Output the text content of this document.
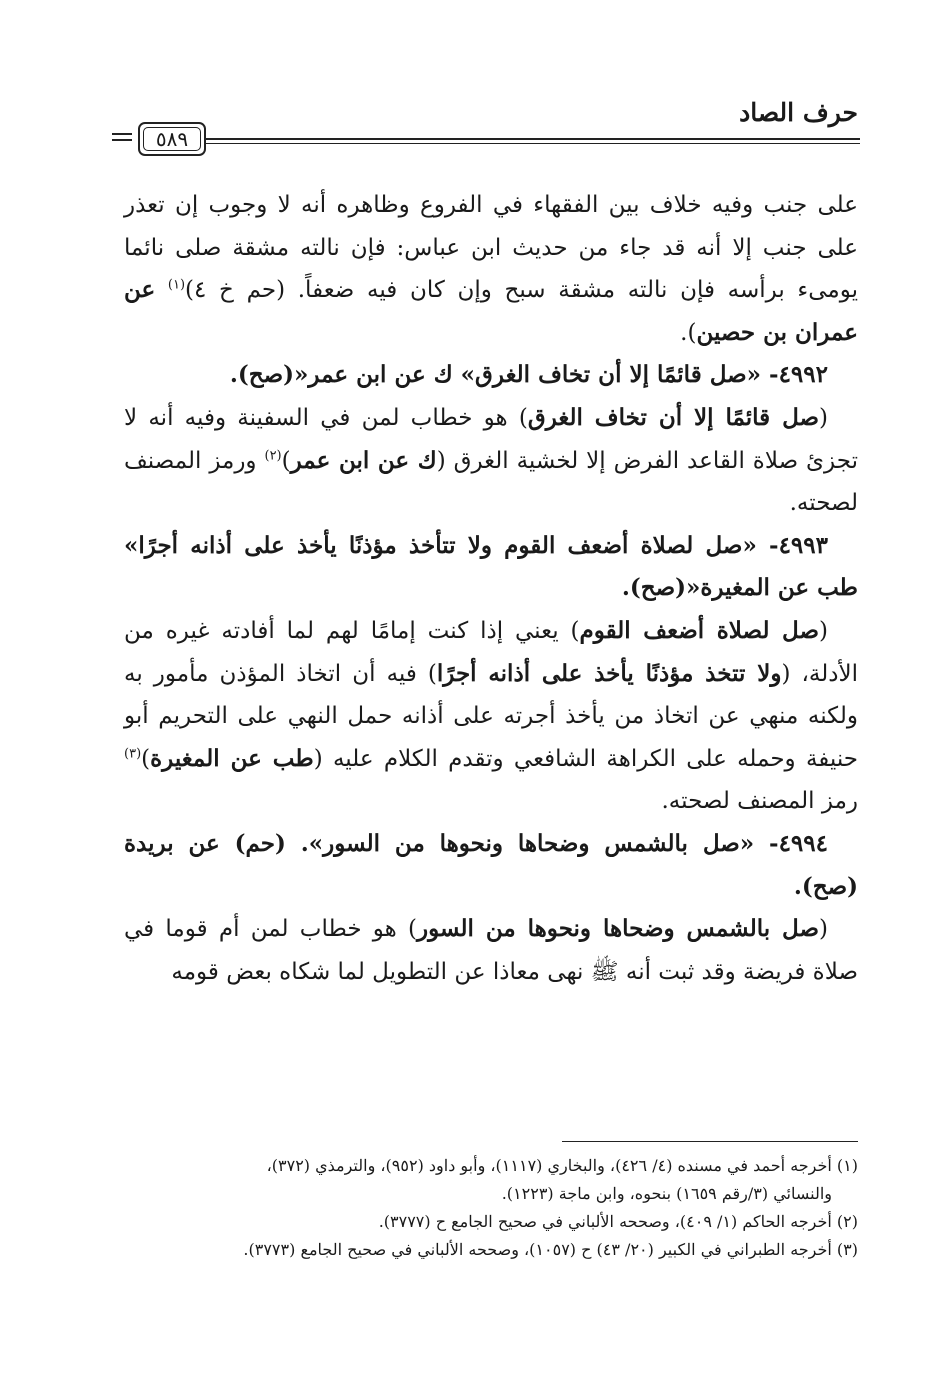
حرف الصاد
٥٨٩

على جنب وفيه خلاف بين الفقهاء في الفروع وظاهره أنه لا وجوب إن تعذر على جنب إلا أنه قد جاء من حديث ابن عباس: فإن نالته مشقة صلى نائما يومىء برأسه فإن نالته مشقة سبح وإن كان فيه ضعفاً. (حم خ ٤)$^{(١)}$ عن عمران بن حصين).

٤٩٩٢- «صل قائمًا إلا أن تخاف الغرق» ك عن ابن عمر«(صح).

(صل قائمًا إلا أن تخاف الغرق) هو خطاب لمن في السفينة وفيه أنه لا تجزئ صلاة القاعد الفرض إلا لخشية الغرق (ك عن ابن عمر)$^{(٢)}$ ورمز المصنف لصحته.

٤٩٩٣- «صل لصلاة أضعف القوم ولا تتأخذ مؤذنًا يأخذ على أذانه أجرًا» طب عن المغيرة«(صح).

(صل لصلاة أضعف القوم) يعني إذا كنت إمامًا لهم لما أفادته غيره من الأدلة، (ولا تتخذ مؤذنًا يأخذ على أذانه أجرًا) فيه أن اتخاذ المؤذن مأمور به ولكنه منهي عن اتخاذ من يأخذ أجرته على أذانه حمل النهي على التحريم أبو حنيفة وحمله على الكراهة الشافعي وتقدم الكلام عليه (طب عن المغيرة)$^{(٣)}$ رمز المصنف لصحته.

٤٩٩٤- «صل بالشمس وضحاها ونحوها من السور». (حم) عن بريدة (صح).

(صل بالشمس وضحاها ونحوها من السور) هو خطاب لمن أم قوما في صلاة فريضة وقد ثبت أنه ﷺ نهى معاذا عن التطويل لما شكاه بعض قومه

(١) أخرجه أحمد في مسنده (٤/ ٤٢٦)، والبخاري (١١١٧)، وأبو داود (٩٥٢)، والترمذي (٣٧٢)،

والنسائي (٣/رقم ١٦٥٩) بنحوه، وابن ماجة (١٢٢٣).

(٢) أخرجه الحاكم (١/ ٤٠٩)، وصححه الألباني في صحيح الجامع ح (٣٧٧٧).

(٣) أخرجه الطبراني في الكبير (٢٠/ ٤٣) ح (١٠٥٧)، وصححه الألباني في صحيح الجامع (٣٧٧٣).
